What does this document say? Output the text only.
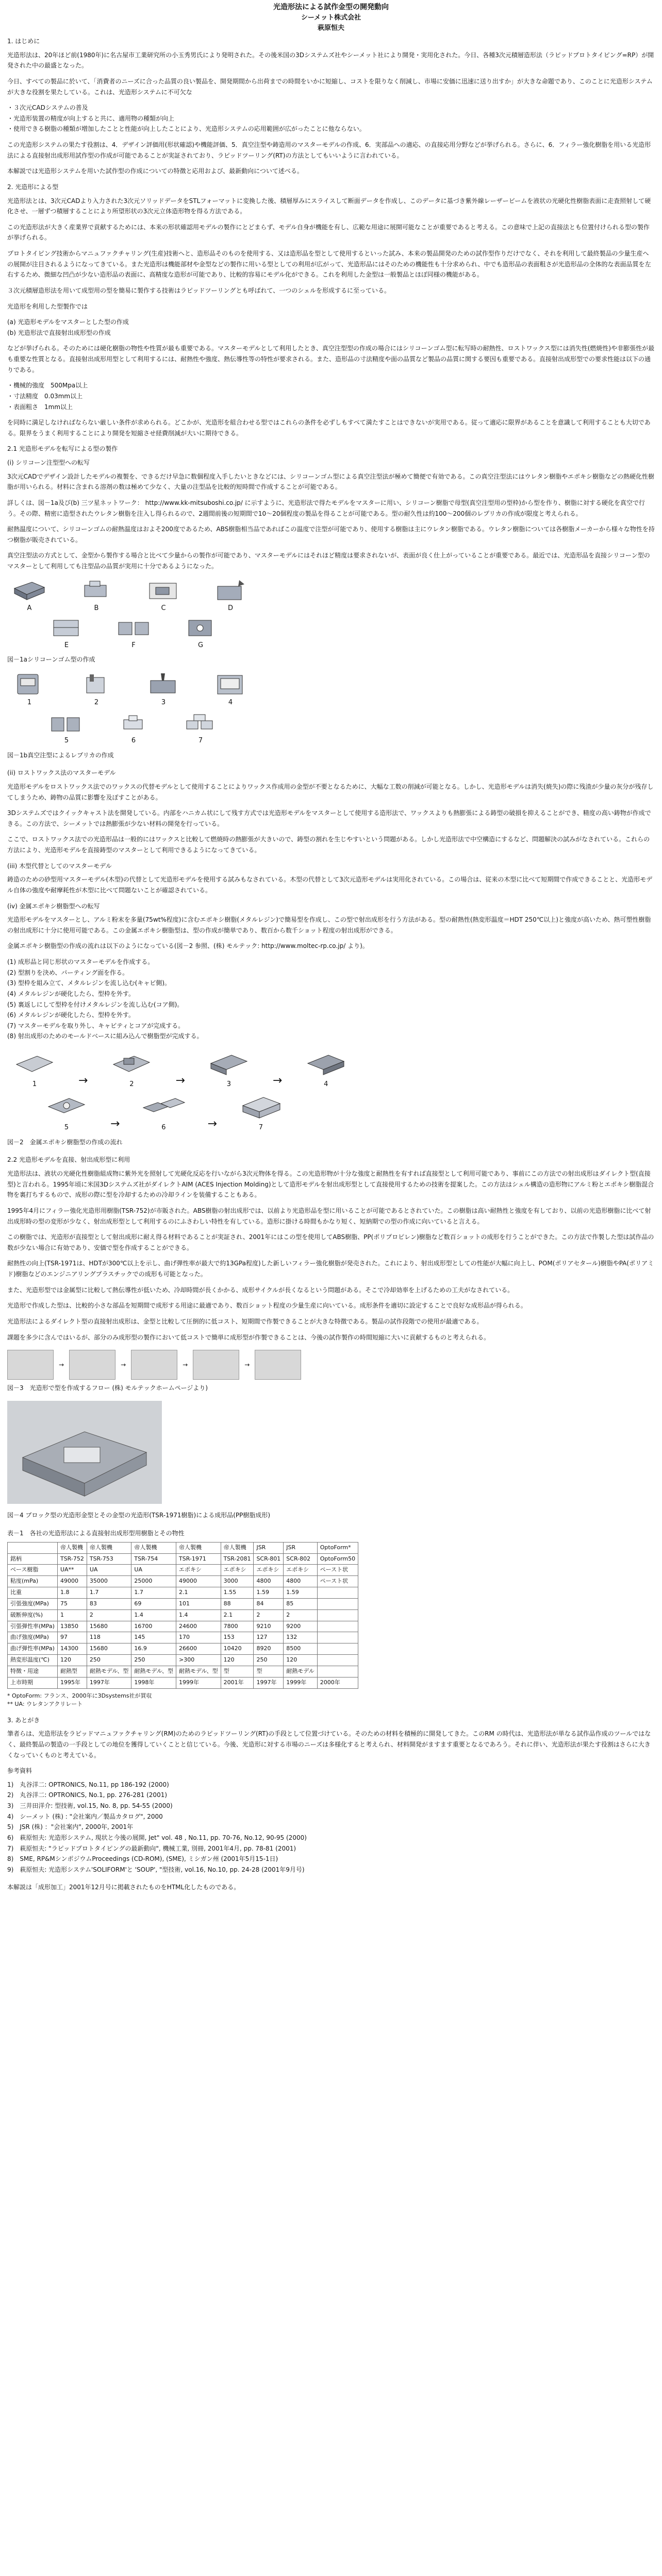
光造形法による試作金型の開発動向
シーメット株式会社
萩原恒夫
1. はじめに

光造形法は、20年ほど前(1980年)に名古屋市工業研究所の小玉秀男氏により発明された。その後米国の3Dシステムズ社やシーメット社により開発・実用化された。今日、各種3次元積層造形法（ラピッドプロトタイピング=RP）が開発された中の最盛となった。

今日、すべての製品に於いて、「消費者のニーズに合った品質の良い製品を、開発期間から出荷までの時間をいかに短縮し、コストを限りなく削減し、市場に安価に迅速に送り出すか」が大きな命題であり、このことに光造形システムが大きな役割を果たしている。これは、光造形システムに不可欠な

・３次元CADシステムの普及
・光造形装置の精度が向上すると共に、適用物の種類が向上
・使用できる樹脂の種類が増加したことと性能が向上したことにより、光造形システムの応用範囲が広がったことに他ならない。

この光造形システムの果たす役割は、4．デザイン評価用(形状確認)や機能評価、5．真空注型や鋳造用のマスターモデルの作成、6．実部品への適応、の直接応用分野などが挙げられる。さらに、6．フィラー強化樹脂を用いる光造形法による直接射出成形用試作型の作成が可能であることが実証されており、ラピッドツーリング(RT)の方法としてもいいように言われている。

本解説では光造形システムを用いた試作型の作成についての特徴と応用および、最新動向について述べる。

2. 光造形による型

光造形法とは、3次元CADより入力された3次元ソリッドデータをSTLフォーマットに変換した後、積層厚みにスライスして断面データを作成し、このデータに基づき紫外線レーザービームを液状の光硬化性樹脂表面に走査照射して硬化させ、一層ずつ積層することにより所望形状の3次元立体造形物を得る方法である。

この光造形法が大きく産業界で貢献するためには、本来の形状確認用モデルの製作にとどまらず、モデル自身が機能を有し、広範な用途に展開可能なことが重要であると考える。この意味で上記の直接法とも位置付けられる型の製作が挙げられる。

プロトタイピング技術からマニュファクチャリング(生産)技術へと、造形品そのものを使用する、又は造形品を型として使用するといった試み、本来の製品開発のための試作型作りだけでなく、それを利用して最終製品の少量生産への展開が注目されるようになってきている。また光造形は機能部材や金型などの製作に用いる型としての利用が広がって、光造形品にはそのための機能性も十分求められ、中でも造形品の表面粗さが光造形品の全体的な表面品質を左右するため、微細な凹凸が少ない造形品の表面に、高精度な造形が可能であり、比較的容易にモデル化ができる。これを利用した金型は一般製品とほぼ同様の機能がある。

３次元積層造形法を用いて成型用の型を簡易に製作する技術はラピッドツーリングとも呼ばれて、一つのシェルを形成するに至っている。

光造形を利用した型製作では

(a) 光造形モデルをマスターとした型の作成
(b) 光造形法で直接射出成形型の作成

などが挙げられる。そのためには硬化樹脂の物性や性質が最も重要である。マスターモデルとして利用したとき、真空注型型の作成の場合にはシリコーンゴム型に転写時の耐熱性、ロストワックス型には消失性(燃焼性)や非膨張性が最も重要な性質となる。直接射出成形用型として利用するには、耐熱性や強度、熱伝導性等の特性が要求される。また、造形品の寸法精度や面の品質など製品の品質に関する要因も重要である。直接射出成形型での要求性能は以下の通りである。

・機械的強度　500Mpa以上
・寸法精度　0.03mm以上
・表面粗さ　1mm以上

を同時に満足しなければならない厳しい条件が求められる。どこかが、光造形を組合わせる型ではこれらの条件を必ずしもすべて満たすことはできないが実用である。従って適応に限界があることを意識して利用することも大切である。限界をうまく利用することにより開発を短縮させ経費削減が大いに期待できる。

2.1 光造形モデルを転写による型の製作
(i) シリコーン注型型への転写

3次元CADでデザイン設計したモデルの複製を、できるだけ早急に数個程度入手したいときなどには、シリコーンゴム型による真空注型法が極めて簡便で有効である。この真空注型法にはウレタン樹脂やエポキシ樹脂などの熱硬化性樹脂が用いられる。材料に含まれる溶剤の数は極めて少なく、大量の注型品を比較的短時間で作成することが可能である。

詳しくは、図－1a及び(b) 三ツ星ネットワーク： http://www.kk-mitsuboshi.co.jp/ に示すように、光造形法で得たモデルをマスターに用い、シリコーン樹脂で母型(真空注型用の型枠)から型を作り、樹脂に対する硬化を真空で行う。その際、精密に造型されたウレタン樹脂を注入し得られるので、2週間前後の短期間で10〜20個程度の製品を得ることが可能である。型の耐久性は約100〜200個のレプリカの作成が限度と考えられる。

耐熱温度について、シリコーンゴムの耐熱温度はおよそ200度であるため、ABS樹脂相当品であればこの温度で注型が可能であり、使用する樹脂は主にウレタン樹脂である。ウレタン樹脂については各樹脂メーカーから様々な物性を持つ樹脂が販売されている。

真空注型法の方式として、金型から製作する場合と比べて少量からの製作が可能であり、マスターモデルにはそれほど精度は要求されないが、表面が良く仕上がっていることが重要である。最近では、光造形品を直接シリコーン型のマスターとして利用しても注型品の品質が実用に十分であるようになった。

A	B	C	D
E	F	G
図－1aシリコーンゴム型の作成
1	2	3	4
5	6	7
図－1b真空注型によるレプリカの作成
(ii) ロストワックス法のマスターモデル

光造形モデルをロストワックス法でのワックスの代替モデルとして使用することによりワックス作成用の金型が不要となるために、大幅な工数の削減が可能となる。しかし、光造形モデルは消失(焼失)の際に残渣が少量の灰分が残存してしまうため、鋳物の品質に影響を及ぼすことがある。

3Dシステムズではクイックキャスト法を開発している。内部をハニカム状にして残す方式では光造形モデルをマスターとして使用する造形法で、ワックスよりも熱膨張による鋳型の破損を抑えることができ、精度の高い鋳物が作成できる。この方法で、シーメットでは熱膨張が少ない材料の開発を行っている。

ここで、ロストワックス法での光造形品は一般的にはワックスと比較して燃焼時の熱膨張が大きいので、鋳型の割れを生じやすいという問題がある。しかし光造形法で中空構造にするなど、問題解決の試みがなされている。これらの方法により、光造形モデルを直接鋳型のマスターとして利用できるようになってきている。

(iii) 木型代替としてのマスターモデル

鋳造のための砂型用マスターモデル(木型)の代替として光造形モデルを使用する試みもなされている。木型の代替として3次元造形モデルは実用化されている。この場合は、従来の木型に比べて短期間で作成できることと、光造形モデル自体の強度や耐摩耗性が木型に比べて問題ないことが確認されている。

(iv) 金属エポキシ樹脂型への転写

光造形モデルをマスターとし、アルミ粉末を多量(75wt%程度)に含むエポキシ樹脂(メタルレジン)で簡易型を作成し、この型で射出成形を行う方法がある。型の耐熱性(熱変形温度＝HDT 250℃以上)と強度が高いため、熱可塑性樹脂の射出成形に十分に使用可能である。この金属エポキシ樹脂型は、型の作成が簡単であり、数百から数千ショット程度の射出成形ができる。

金属エポキシ樹脂型の作成の流れは以下のようになっている(図－2 参照、(株) モルテック: http://www.moltec-rp.co.jp/ より)。

(1) 成形品と同じ形状のマスターモデルを作成する。
(2) 型割りを決め、パーティング面を作る。
(3) 型枠を組み立て、メタルレジンを流し込む(キャビ側)。
(4) メタルレジンが硬化したら、型枠を外す。
(5) 裏返しにして型枠を付けメタルレジンを流し込む(コア側)。
(6) メタルレジンが硬化したら、型枠を外す。
(7) マスターモデルを取り外し、キャビティとコアが完成する。
(8) 射出成形のためのモールドベースに組み込んで樹脂型が完成する。
1	→	2	→	3	→	4
5	→	6	→	7
図－2　金属エポキシ樹脂型の作成の流れ
2.2 光造形モデルを直接、射出成形型に利用

光造形法は、液状の光硬化性樹脂組成物に紫外光を照射して光硬化反応を行いながら3次元物体を得る。この光造形物が十分な強度と耐熱性を有すれば直接型として利用可能であり、事前にこの方法での射出成形はダイレクト型(直接型)と言われる。1995年頃に米国3Dシステムズ社がダイレクトAIM (ACES Injection Molding)として造形モデルを射出成形型として直接使用するための技術を提案した。この方法はシェル構造の造形物にアルミ粉とエポキシ樹脂混合物を裏打ちするもので、成形の際に型を冷却するための冷却ラインを装備することもある。

1995年4月にフィラー強化光造形用樹脂(TSR-752)が市販された。ABS樹脂の射出成形では、以前より光造形品を型に用いることが可能であるとされていた。この樹脂は高い耐熱性と強度を有しており、以前の光造形樹脂に比べて射出成形時の型の変形が少なく、射出成形型として利用するのにふさわしい特性を有している。造形に掛ける時間もかなり短く、短納期での型の作成に向いていると言える。

この樹脂では、光造形が直接型として射出成形に耐え得る材料であることが実証され、2001年にはこの型を使用してABS樹脂、PP(ポリプロピレン)樹脂など数百ショットの成形を行うことができた。この方法で作製した型は試作品の数が少ない場合に有効であり、安価で型を作成することができる。

耐熱性の向上(TSR-1971は、HDTが300℃以上を示し、曲げ弾性率が最大で約13GPa程度)した新しいフィラー強化樹脂が発売された。これにより、射出成形型としての性能が大幅に向上し、POM(ポリアセタール)樹脂やPA(ポリアミド)樹脂などのエンジニアリングプラスチックでの成形も可能となった。

また、光造形型では金属型に比較して熱伝導性が低いため、冷却時間が長くかかる、成形サイクルが長くなるという問題がある。そこで冷却効率を上げるための工夫がなされている。

光造形で作成した型は、比較的小さな部品を短期間で成形する用途に最適であり、数百ショット程度の少量生産に向いている。成形条件を適切に設定することで良好な成形品が得られる。

光造形法によるダイレクト型の直接射出成形は、金型と比較して圧倒的に低コスト、短期間で作製できることが大きな特徴である。製品の試作段階での使用が最適である。

課題を多少に含んではいるが、部分のみ成形型の製作において低コストで簡単に成形型が作製できることは、今後の試作製作の時間短縮に大いに貢献するものと考えられる。

→	→	→	→
図－3　光造形で型を作成するフロー (株) モルテックホームページより)
図－4 ブロック型の光造形金型とその金型の光造形(TSR-1971樹脂)による成形品(PP樹脂成形)
表－1　各社の光造形法による直接射出成形型用樹脂とその物性
	帝人製機	帝人製機	帝人製機	帝人製機	帝人製機	JSR	JSR	OptoForm*
銘柄	TSR-752	TSR-753	TSR-754	TSR-1971	TSR-2081	SCR-801	SCR-802	OptoForm50
ベース樹脂	UA**	UA	UA	エポキシ	エポキシ	エポキシ	エポキシ	ペースト状
粘度(mPa)	49000	35000	25000	49000	3000	4800	4800	ペースト状
比重	1.8	1.7	1.7	2.1	1.55	1.59	1.59	
引張強度(MPa)	75	83	69	101	88	84	85	
破断伸度(%)	1	2	1.4	1.4	2.1	2	2	
引張弾性率(MPa)	13850	15680	16700	24600	7800	9210	9200	
曲げ強度(MPa)	97	118	145	170	153	127	132	
曲げ弾性率(MPa)	14300	15680	16.9	26600	10420	8920	8500	
熱変形温度(℃)	120	250	250	>300	120	250	120	
特徴・用途	耐熱型	耐熱モデル、型	耐熱モデル、型	耐熱モデル、型	型	型	耐熱モデル	
上市時期	1995年	1997年	1998年	1999年	2001年	1997年	1999年	2000年
* OptoForm: フランス、2000年に3Dsystems社が買収
** UA: ウレタンアクリレート
3. あとがき

筆者らは、光造形法をラピッドマニュファクチャリング(RM)のためのラピッドツーリング(RT)の手段として位置づけている。そのための材料を積極的に開発してきた。このRM の時代は、光造形法が単なる試作品作成のツールではなく、最終製品の製造の一手段としての地位を獲得していくことと信じている。今後、光造形に対する市場のニーズは多様化すると考えられ、材料開発がますます重要となるであろう。それに伴い、光造形法が果たす役割はさらに大きくなっていくものと考えている。

参考資料
1)　丸谷洋二: OPTRONICS, No.11, pp 186-192 (2000)
2)　丸谷洋二: OPTRONICS, No.1, pp. 276-281 (2001)
3)　三井田洋介: 型技術, vol.15, No. 8, pp. 54-55 (2000)
4)　シーメット (株) : "会社案内／製品カタログ", 2000
5)　JSR (株) ："会社案内", 2000年, 2001年
6)　萩原恒夫: 光造形システム, 現状と今後の展開, Jet" vol. 48 , No.11, pp. 70-76, No.12, 90-95 (2000)
7)　萩原恒夫: "ラピッドプロトタイピングの最新動向", 機械工業, 別冊, 2001年4月, pp. 78-81 (2001)
8)　SME, RP&MシンポジウムProceedings (CD-ROM), (SME), ミシガン州 (2001年5月15-1日)
9)　萩原恒夫: 光造形システム'SOLIFORM'と 'SOUP', "型技術, vol.16, No.10, pp. 24-28 (2001年9月号)
本解説は「成形加工」2001年12月号に掲載されたものをHTML化したものである。
